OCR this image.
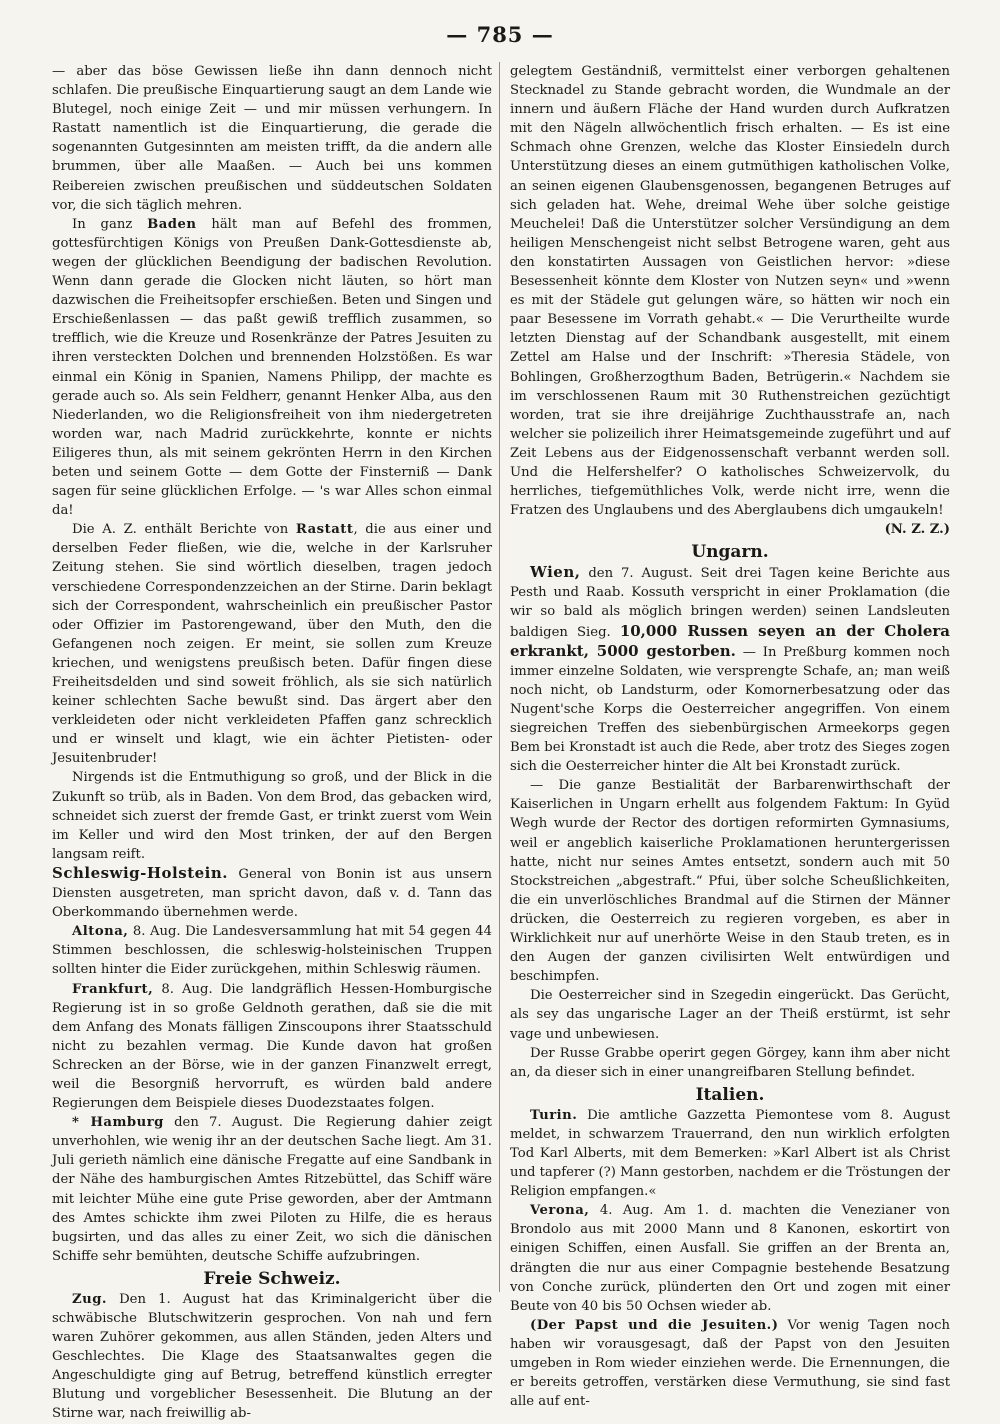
— 785 —

— aber das böse Gewissen ließe ihn dann dennoch nicht schlafen. Die preußische Einquartierung saugt an dem Lande wie Blutegel, noch einige Zeit — und mir müssen verhungern. In Rastatt namentlich ist die Einquartierung, die gerade die sogenannten Gutgesinnten am meisten trifft, da die andern alle brummen, über alle Maaßen. — Auch bei uns kommen Reibereien zwischen preußischen und süddeutschen Soldaten vor, die sich täglich mehren.

In ganz Baden hält man auf Befehl des frommen, gottesfürchtigen Königs von Preußen Dank-Gottesdienste ab, wegen der glücklichen Beendigung der badischen Revolution. Wenn dann gerade die Glocken nicht läuten, so hört man dazwischen die Freiheitsopfer erschießen. Beten und Singen und Erschießenlassen — das paßt gewiß trefflich zusammen, so trefflich, wie die Kreuze und Rosenkränze der Patres Jesuiten zu ihren versteckten Dolchen und brennenden Holzstößen. Es war einmal ein König in Spanien, Namens Philipp, der machte es gerade auch so. Als sein Feldherr, genannt Henker Alba, aus den Niederlanden, wo die Religionsfreiheit von ihm niedergetreten worden war, nach Madrid zurückkehrte, konnte er nichts Eiligeres thun, als mit seinem gekrönten Herrn in den Kirchen beten und seinem Gotte — dem Gotte der Finsterniß — Dank sagen für seine glücklichen Erfolge. — 's war Alles schon einmal da!

Die A. Z. enthält Berichte von Rastatt, die aus einer und derselben Feder fließen, wie die, welche in der Karlsruher Zeitung stehen. Sie sind wörtlich dieselben, tragen jedoch verschiedene Correspondenzzeichen an der Stirne. Darin beklagt sich der Correspondent, wahrscheinlich ein preußischer Pastor oder Offizier im Pastorengewand, über den Muth, den die Gefangenen noch zeigen. Er meint, sie sollen zum Kreuze kriechen, und wenigstens preußisch beten. Dafür fingen diese Freiheitsdelden und sind soweit fröhlich, als sie sich natürlich keiner schlechten Sache bewußt sind. Das ärgert aber den verkleideten oder nicht verkleideten Pfaffen ganz schrecklich und er winselt und klagt, wie ein ächter Pietisten- oder Jesuitenbruder!

Nirgends ist die Entmuthigung so groß, und der Blick in die Zukunft so trüb, als in Baden. Von dem Brod, das gebacken wird, schneidet sich zuerst der fremde Gast, er trinkt zuerst vom Wein im Keller und wird den Most trinken, der auf den Bergen langsam reift.

Schleswig-Holstein. General von Bonin ist aus unsern Diensten ausgetreten, man spricht davon, daß v. d. Tann das Oberkommando übernehmen werde.

Altona, 8. Aug. Die Landesversammlung hat mit 54 gegen 44 Stimmen beschlossen, die schleswig-holsteinischen Truppen sollten hinter die Eider zurückgehen, mithin Schleswig räumen.

Frankfurt, 8. Aug. Die landgräflich Hessen-Homburgische Regierung ist in so große Geldnoth gerathen, daß sie die mit dem Anfang des Monats fälligen Zinscoupons ihrer Staatsschuld nicht zu bezahlen vermag. Die Kunde davon hat großen Schrecken an der Börse, wie in der ganzen Finanzwelt erregt, weil die Besorgniß hervorruft, es würden bald andere Regierungen dem Beispiele dieses Duodezstaates folgen.

* Hamburg den 7. August. Die Regierung dahier zeigt unverhohlen, wie wenig ihr an der deutschen Sache liegt. Am 31. Juli gerieth nämlich eine dänische Fregatte auf eine Sandbank in der Nähe des hamburgischen Amtes Ritzebüttel, das Schiff wäre mit leichter Mühe eine gute Prise geworden, aber der Amtmann des Amtes schickte ihm zwei Piloten zu Hilfe, die es heraus bugsirten, und das alles zu einer Zeit, wo sich die dänischen Schiffe sehr bemühten, deutsche Schiffe aufzubringen.

Freie Schweiz.

Zug. Den 1. August hat das Kriminalgericht über die schwäbische Blutschwitzerin gesprochen. Von nah und fern waren Zuhörer gekommen, aus allen Ständen, jeden Alters und Geschlechtes. Die Klage des Staatsanwaltes gegen die Angeschuldigte ging auf Betrug, betreffend künstlich erregter Blutung und vorgeblicher Besessenheit. Die Blutung an der Stirne war, nach freiwillig ab-

gelegtem Geständniß, vermittelst einer verborgen gehaltenen Stecknadel zu Stande gebracht worden, die Wundmale an der innern und äußern Fläche der Hand wurden durch Aufkratzen mit den Nägeln allwöchentlich frisch erhalten. — Es ist eine Schmach ohne Grenzen, welche das Kloster Einsiedeln durch Unterstützung dieses an einem gutmüthigen katholischen Volke, an seinen eigenen Glaubensgenossen, begangenen Betruges auf sich geladen hat. Wehe, dreimal Wehe über solche geistige Meuchelei! Daß die Unterstützer solcher Versündigung an dem heiligen Menschengeist nicht selbst Betrogene waren, geht aus den konstatirten Aussagen von Geistlichen hervor: »diese Besessenheit könnte dem Kloster von Nutzen seyn« und »wenn es mit der Städele gut gelungen wäre, so hätten wir noch ein paar Besessene im Vorrath gehabt.« — Die Verurtheilte wurde letzten Dienstag auf der Schandbank ausgestellt, mit einem Zettel am Halse und der Inschrift: »Theresia Städele, von Bohlingen, Großherzogthum Baden, Betrügerin.« Nachdem sie im verschlossenen Raum mit 30 Ruthenstreichen gezüchtigt worden, trat sie ihre dreijährige Zuchthausstrafe an, nach welcher sie polizeilich ihrer Heimatsgemeinde zugeführt und auf Zeit Lebens aus der Eidgenossenschaft verbannt werden soll. Und die Helfershelfer? O katholisches Schweizervolk, du herrliches, tiefgemüthliches Volk, werde nicht irre, wenn die Fratzen des Unglaubens und des Aberglaubens dich umgaukeln!

(N. Z. Z.)

Ungarn.

Wien, den 7. August. Seit drei Tagen keine Berichte aus Pesth und Raab. Kossuth verspricht in einer Proklamation (die wir so bald als möglich bringen werden) seinen Landsleuten baldigen Sieg. 10,000 Russen seyen an der Cholera erkrankt, 5000 gestorben. — In Preßburg kommen noch immer einzelne Soldaten, wie versprengte Schafe, an; man weiß noch nicht, ob Landsturm, oder Komornerbesatzung oder das Nugent'sche Korps die Oesterreicher angegriffen. Von einem siegreichen Treffen des siebenbürgischen Armeekorps gegen Bem bei Kronstadt ist auch die Rede, aber trotz des Sieges zogen sich die Oesterreicher hinter die Alt bei Kronstadt zurück.

— Die ganze Bestialität der Barbarenwirthschaft der Kaiserlichen in Ungarn erhellt aus folgendem Faktum: In Gyüd Wegh wurde der Rector des dortigen reformirten Gymnasiums, weil er angeblich kaiserliche Proklamationen heruntergerissen hatte, nicht nur seines Amtes entsetzt, sondern auch mit 50 Stockstreichen „abgestraft.“ Pfui, über solche Scheußlichkeiten, die ein unverlöschliches Brandmal auf die Stirnen der Männer drücken, die Oesterreich zu regieren vorgeben, es aber in Wirklichkeit nur auf unerhörte Weise in den Staub treten, es in den Augen der ganzen civilisirten Welt entwürdigen und beschimpfen.

Die Oesterreicher sind in Szegedin eingerückt. Das Gerücht, als sey das ungarische Lager an der Theiß erstürmt, ist sehr vage und unbewiesen.

Der Russe Grabbe operirt gegen Görgey, kann ihm aber nicht an, da dieser sich in einer unangreifbaren Stellung befindet.

Italien.

Turin. Die amtliche Gazzetta Piemontese vom 8. August meldet, in schwarzem Trauerrand, den nun wirklich erfolgten Tod Karl Alberts, mit dem Bemerken: »Karl Albert ist als Christ und tapferer (?) Mann gestorben, nachdem er die Tröstungen der Religion empfangen.«

Verona, 4. Aug. Am 1. d. machten die Venezianer von Brondolo aus mit 2000 Mann und 8 Kanonen, eskortirt von einigen Schiffen, einen Ausfall. Sie griffen an der Brenta an, drängten die nur aus einer Compagnie bestehende Besatzung von Conche zurück, plünderten den Ort und zogen mit einer Beute von 40 bis 50 Ochsen wieder ab.

(Der Papst und die Jesuiten.) Vor wenig Tagen noch haben wir vorausgesagt, daß der Papst von den Jesuiten umgeben in Rom wieder einziehen werde. Die Ernennungen, die er bereits getroffen, verstärken diese Vermuthung, sie sind fast alle auf ent-
